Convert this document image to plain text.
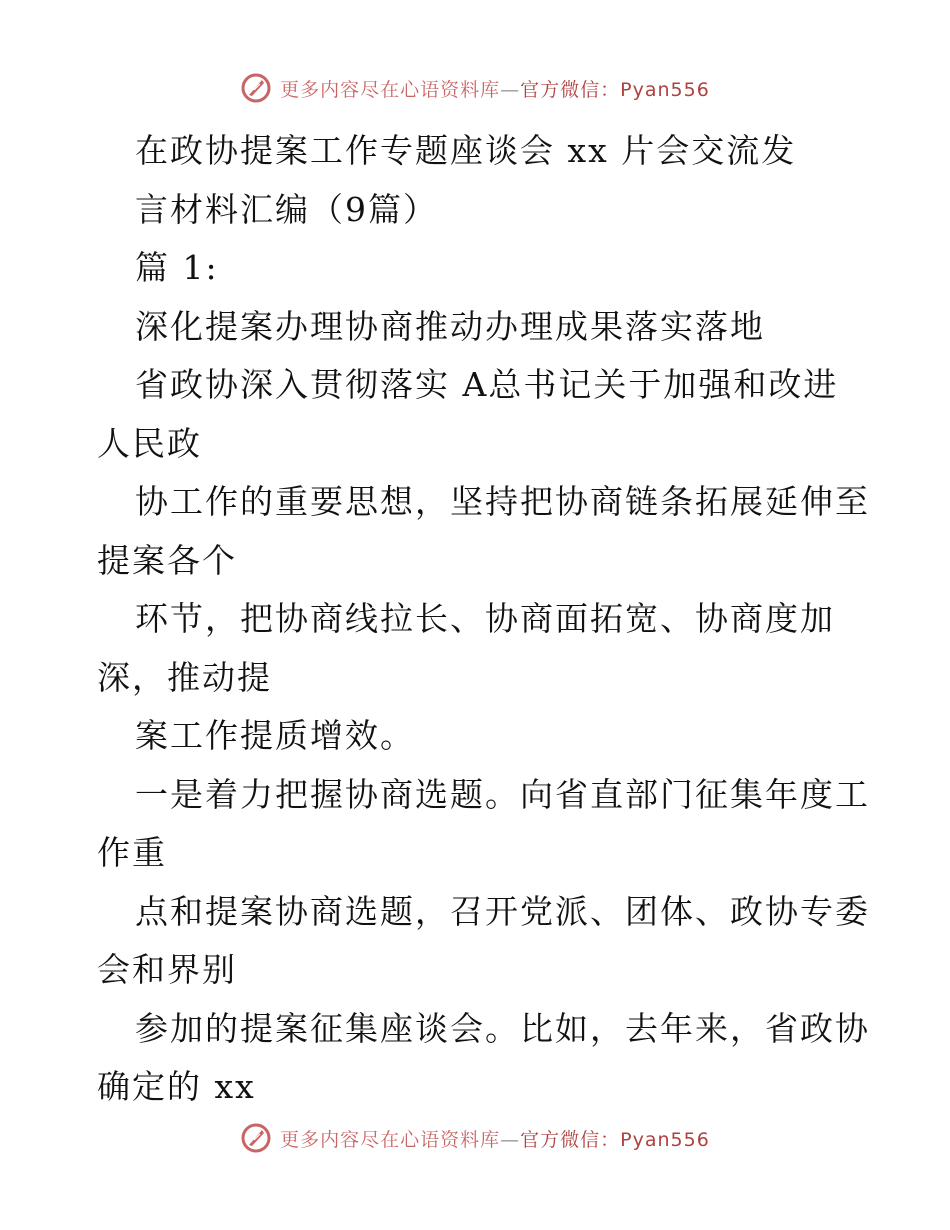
更多内容尽在心语资料库—官方微信：Pyan556
在政协提案工作专题座谈会 xx 片会交流发
言材料汇编（9篇）
篇 1:
深化提案办理协商推动办理成果落实落地
省政协深入贯彻落实 A总书记关于加强和改进
人民政
协工作的重要思想，坚持把协商链条拓展延伸至
提案各个
环节，把协商线拉长、协商面拓宽、协商度加
深，推动提
案工作提质增效。
一是着力把握协商选题。向省直部门征集年度工
作重
点和提案协商选题，召开党派、团体、政协专委
会和界别
参加的提案征集座谈会。比如，去年来，省政协
确定的 xx
更多内容尽在心语资料库—官方微信：Pyan556
